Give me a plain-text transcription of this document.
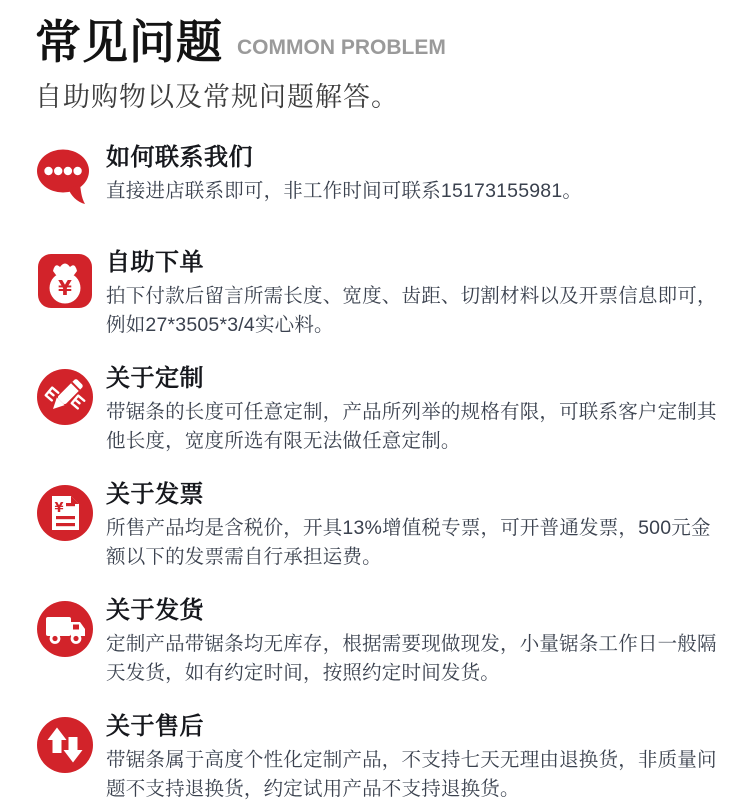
常见问题 COMMON PROBLEM
自助购物以及常规问题解答。
如何联系我们
直接进店联系即可，非工作时间可联系15173155981。
¥
自助下单
拍下付款后留言所需长度、宽度、齿距、切割材料以及开票信息即可，例如27*3505*3/4实心料。
关于定制
带锯条的长度可任意定制，产品所列举的规格有限，可联系客户定制其他长度，宽度所选有限无法做任意定制。
¥
关于发票
所售产品均是含税价，开具13%增值税专票，可开普通发票，500元金额以下的发票需自行承担运费。
关于发货
定制产品带锯条均无库存，根据需要现做现发，小量锯条工作日一般隔天发货，如有约定时间，按照约定时间发货。
关于售后
带锯条属于高度个性化定制产品，不支持七天无理由退换货，非质量问题不支持退换货，约定试用产品不支持退换货。
